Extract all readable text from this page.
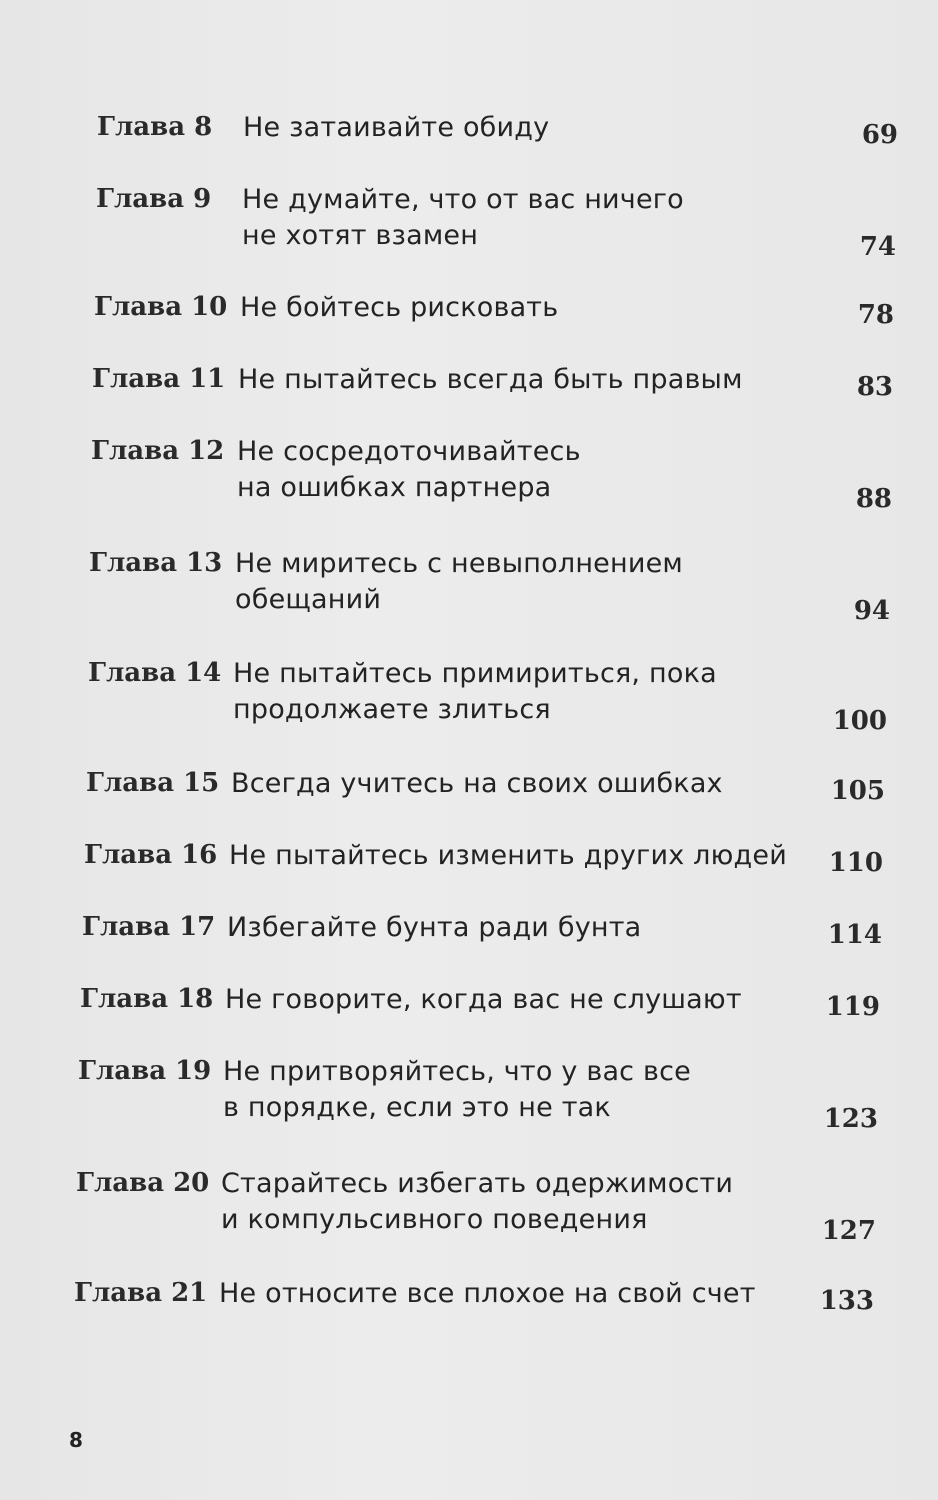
Глава 8 Не затаивайте обиду	69
Глава 9 Не думайте, что от вас ничего
не хотят взамен	74
Глава 10 Не бойтесь рисковать	78
Глава 11 Не пытайтесь всегда быть правым	83
Глава 12 Не сосредоточивайтесь
на ошибках партнера	88
Глава 13 Не миритесь с невыполнением
обещаний	94
Глава 14 Не пытайтесь примириться, пока
продолжаете злиться	100
Глава 15 Всегда учитесь на своих ошибках	105
Глава 16 Не пытайтесь изменить других людей	110
Глава 17 Избегайте бунта ради бунта	114
Глава 18 Не говорите, когда вас не слушают	119
Глава 19 Не притворяйтесь, что у вас все
в порядке, если это не так	123
Глава 20 Старайтесь избегать одержимости
и компульсивного поведения	127
Глава 21 Не относите все плохое на свой счет	133
8
